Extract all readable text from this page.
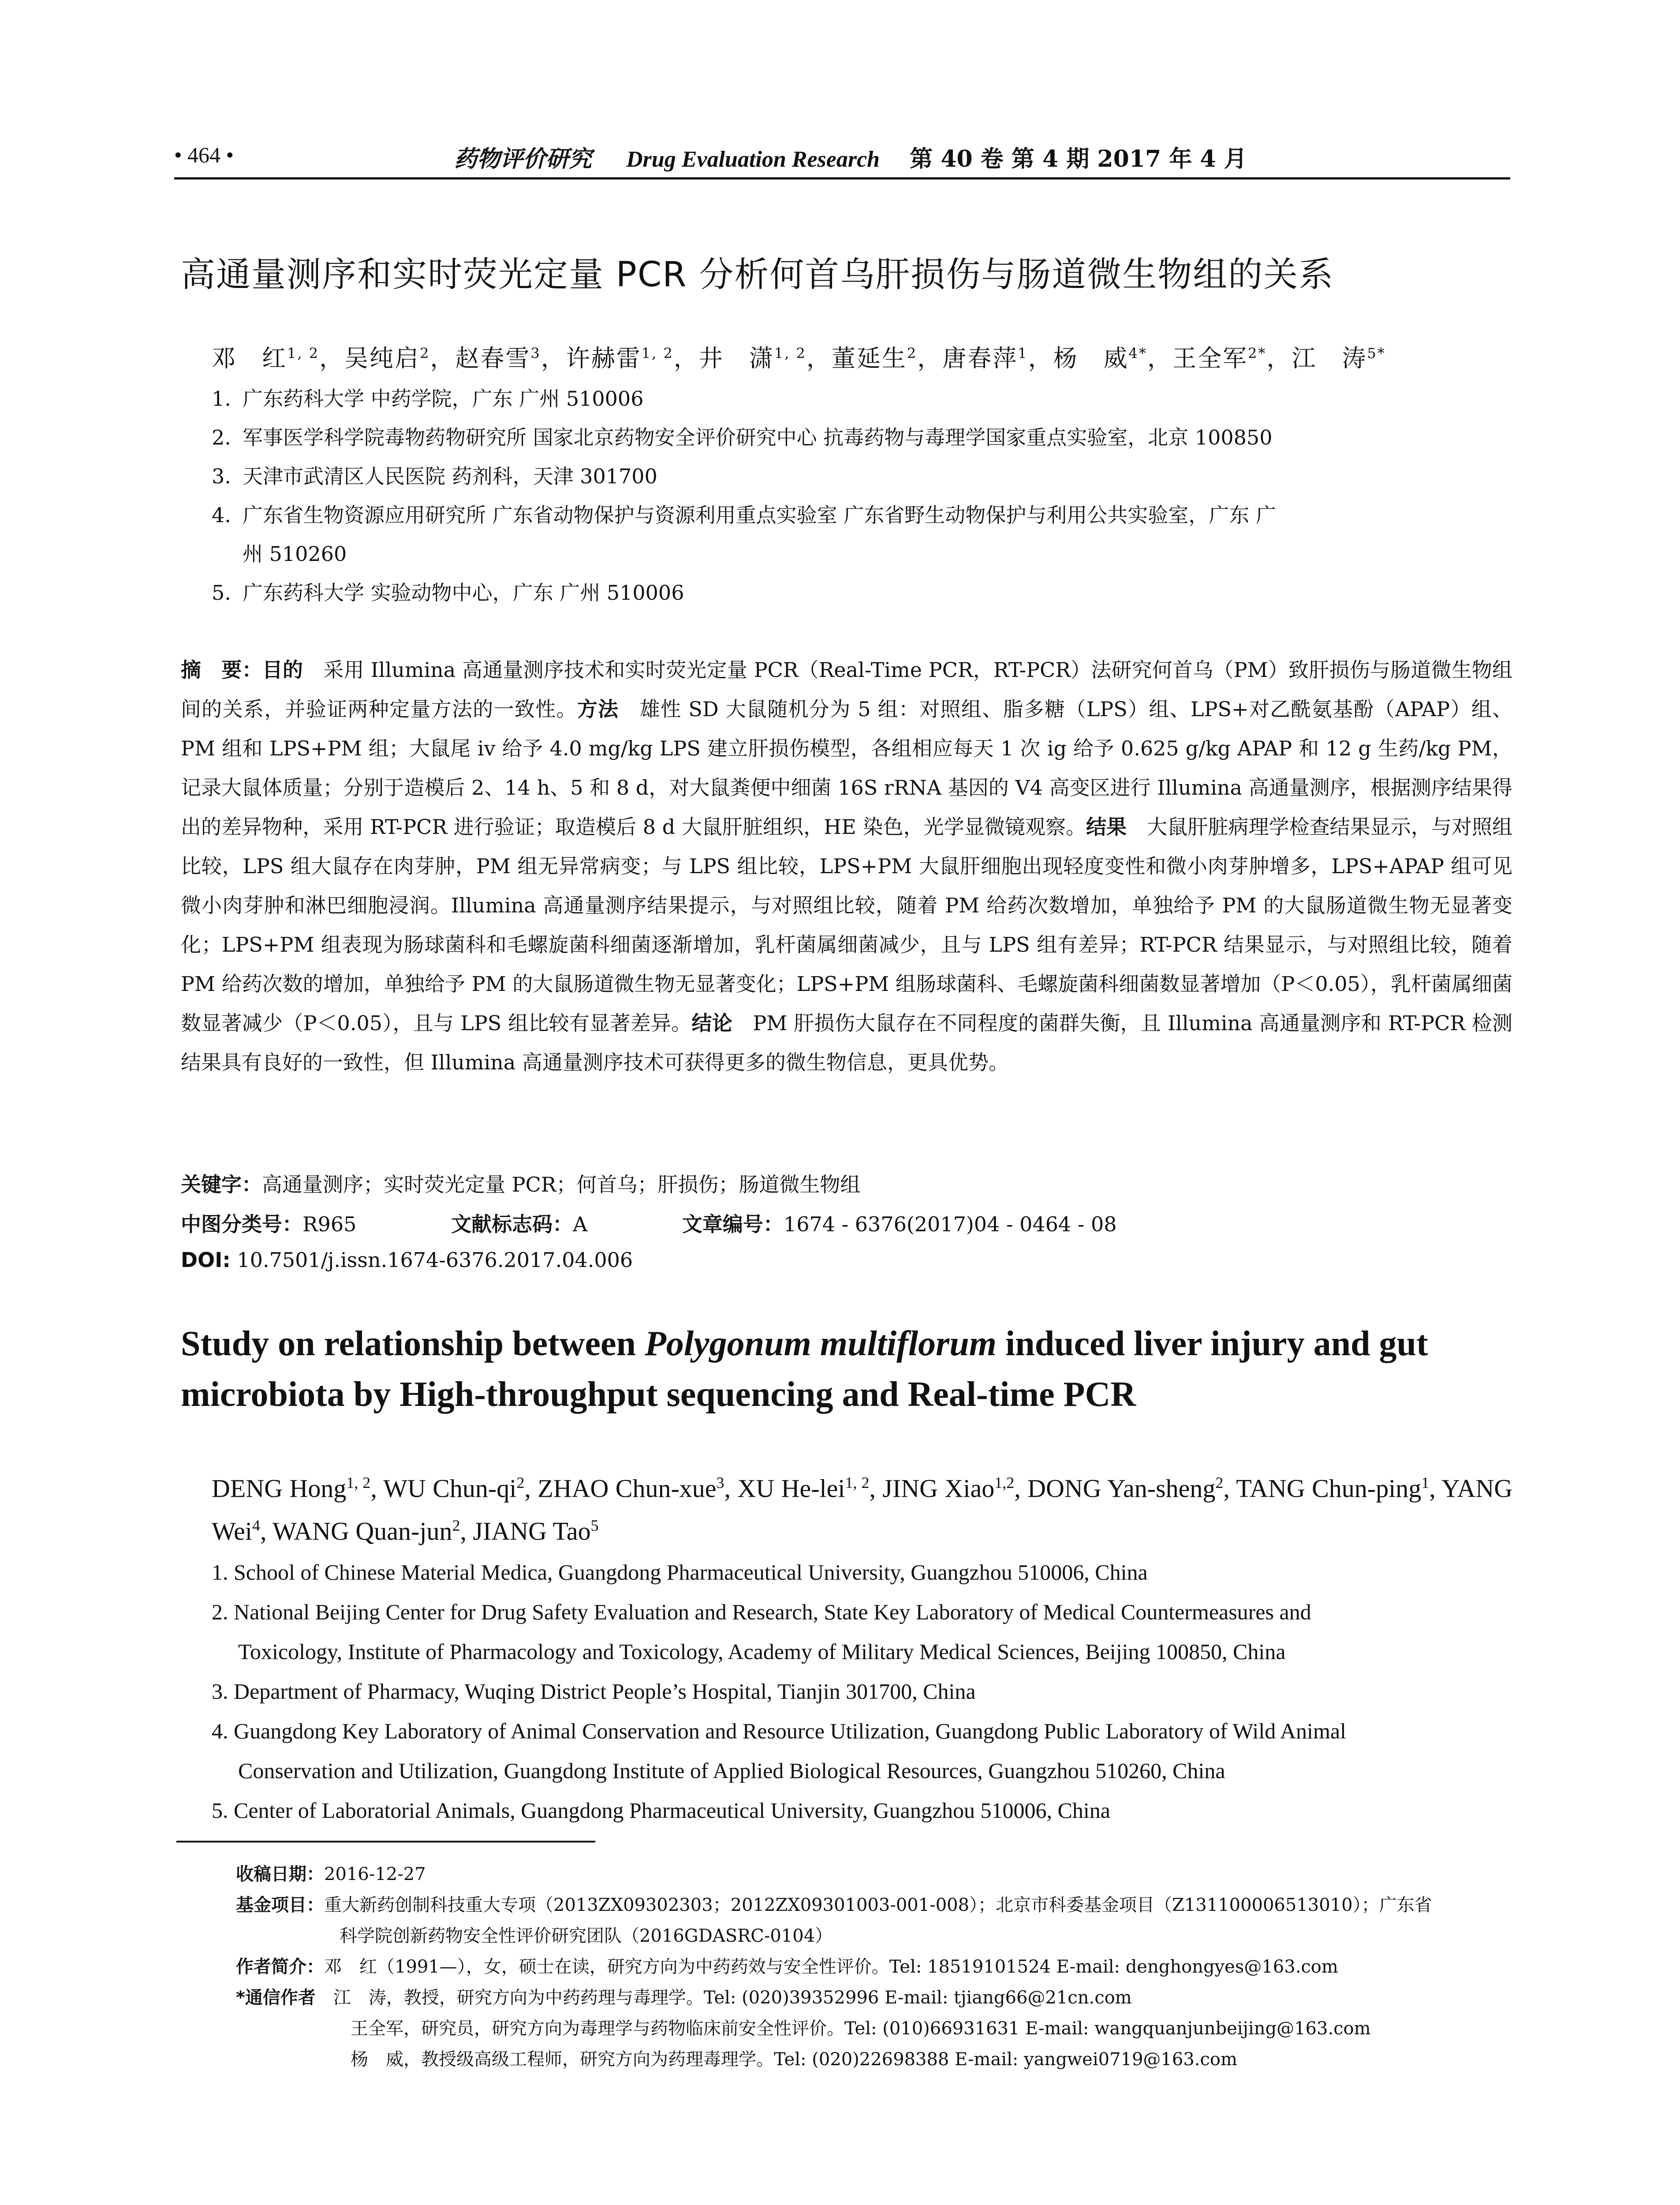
• 464 •	药物评价研究 Drug Evaluation Research 第 40 卷 第 4 期 2017 年 4 月
高通量测序和实时荧光定量 PCR 分析何首乌肝损伤与肠道微生物组的关系
邓　红$^{1, 2}$，吴纯启$^2$，赵春雪$^3$，许赫雷$^{1, 2}$，井　潇$^{1, 2}$，董延生$^2$，唐春萍$^1$，杨　威$^{4*}$，王全军$^{2*}$，江　涛$^{5*}$
1. 广东药科大学 中药学院，广东 广州 510006
2. 军事医学科学院毒物药物研究所 国家北京药物安全评价研究中心 抗毒药物与毒理学国家重点实验室，北京 100850
3. 天津市武清区人民医院 药剂科，天津 301700
4. 广东省生物资源应用研究所 广东省动物保护与资源利用重点实验室 广东省野生动物保护与利用公共实验室，广东 广
州 510260
5. 广东药科大学 实验动物中心，广东 广州 510006
摘　要：目的　采用 Illumina 高通量测序技术和实时荧光定量 PCR（Real-Time PCR，RT-PCR）法研究何首乌（PM）致肝损伤与肠道微生物组间的关系，并验证两种定量方法的一致性。方法　雄性 SD 大鼠随机分为 5 组：对照组、脂多糖（LPS）组、LPS+对乙酰氨基酚（APAP）组、PM 组和 LPS+PM 组；大鼠尾 iv 给予 4.0 mg/kg LPS 建立肝损伤模型，各组相应每天 1 次 ig 给予 0.625 g/kg APAP 和 12 g 生药/kg PM，记录大鼠体质量；分别于造模后 2、14 h、5 和 8 d，对大鼠粪便中细菌 16S rRNA 基因的 V4 高变区进行 Illumina 高通量测序，根据测序结果得出的差异物种，采用 RT-PCR 进行验证；取造模后 8 d 大鼠肝脏组织，HE 染色，光学显微镜观察。结果　大鼠肝脏病理学检查结果显示，与对照组比较，LPS 组大鼠存在肉芽肿，PM 组无异常病变；与 LPS 组比较，LPS+PM 大鼠肝细胞出现轻度变性和微小肉芽肿增多，LPS+APAP 组可见微小肉芽肿和淋巴细胞浸润。Illumina 高通量测序结果提示，与对照组比较，随着 PM 给药次数增加，单独给予 PM 的大鼠肠道微生物无显著变化；LPS+PM 组表现为肠球菌科和毛螺旋菌科细菌逐渐增加，乳杆菌属细菌减少，且与 LPS 组有差异；RT-PCR 结果显示，与对照组比较，随着 PM 给药次数的增加，单独给予 PM 的大鼠肠道微生物无显著变化；LPS+PM 组肠球菌科、毛螺旋菌科细菌数显著增加（P＜0.05），乳杆菌属细菌数显著减少（P＜0.05），且与 LPS 组比较有显著差异。结论　PM 肝损伤大鼠存在不同程度的菌群失衡，且 Illumina 高通量测序和 RT-PCR 检测结果具有良好的一致性，但 Illumina 高通量测序技术可获得更多的微生物信息，更具优势。
关键字：高通量测序；实时荧光定量 PCR；何首乌；肝损伤；肠道微生物组
中图分类号：R965	文献标志码：A	文章编号：1674 - 6376(2017)04 - 0464 - 08
DOI: 10.7501/j.issn.1674-6376.2017.04.006
Study on relationship between Polygonum multiflorum induced liver injury and gut microbiota by High-throughput sequencing and Real-time PCR
DENG Hong$^{1, 2}$, WU Chun-$qi^2$, ZHAO Chun-xue$^3$, XU He-lei$^{1, 2}$, JING Xiao$^{1,2}$, DONG Yan-sheng$^2$, TANG Chun-ping$^1$, YANG Wei$^4$, WANG Quan-jun$^2$, JIANG Tao$^5$
1. School of Chinese Material Medica, Guangdong Pharmaceutical University, Guangzhou 510006, China
2. National Beijing Center for Drug Safety Evaluation and Research, State Key Laboratory of Medical Countermeasures and
Toxicology, Institute of Pharmacology and Toxicology, Academy of Military Medical Sciences, Beijing 100850, China
3. Department of Pharmacy, Wuqing District People’s Hospital, Tianjin 301700, China
4. Guangdong Key Laboratory of Animal Conservation and Resource Utilization, Guangdong Public Laboratory of Wild Animal
Conservation and Utilization, Guangdong Institute of Applied Biological Resources, Guangzhou 510260, China
5. Center of Laboratorial Animals, Guangdong Pharmaceutical University, Guangzhou 510006, China
收稿日期：2016-12-27
基金项目：重大新药创制科技重大专项（2013ZX09302303；2012ZX09301003-001-008）；北京市科委基金项目（Z131100006513010）；广东省
科学院创新药物安全性评价研究团队（2016GDASRC-0104）
作者简介：邓　红（1991—），女，硕士在读，研究方向为中药药效与安全性评价。Tel: 18519101524 E-mail: denghongyes@163.com
*通信作者　江　涛，教授，研究方向为中药药理与毒理学。Tel: (020)39352996 E-mail: tjiang66@21cn.com
王全军，研究员，研究方向为毒理学与药物临床前安全性评价。Tel: (010)66931631 E-mail: wangquanjunbeijing@163.com
杨　威，教授级高级工程师，研究方向为药理毒理学。Tel: (020)22698388 E-mail: yangwei0719@163.com
